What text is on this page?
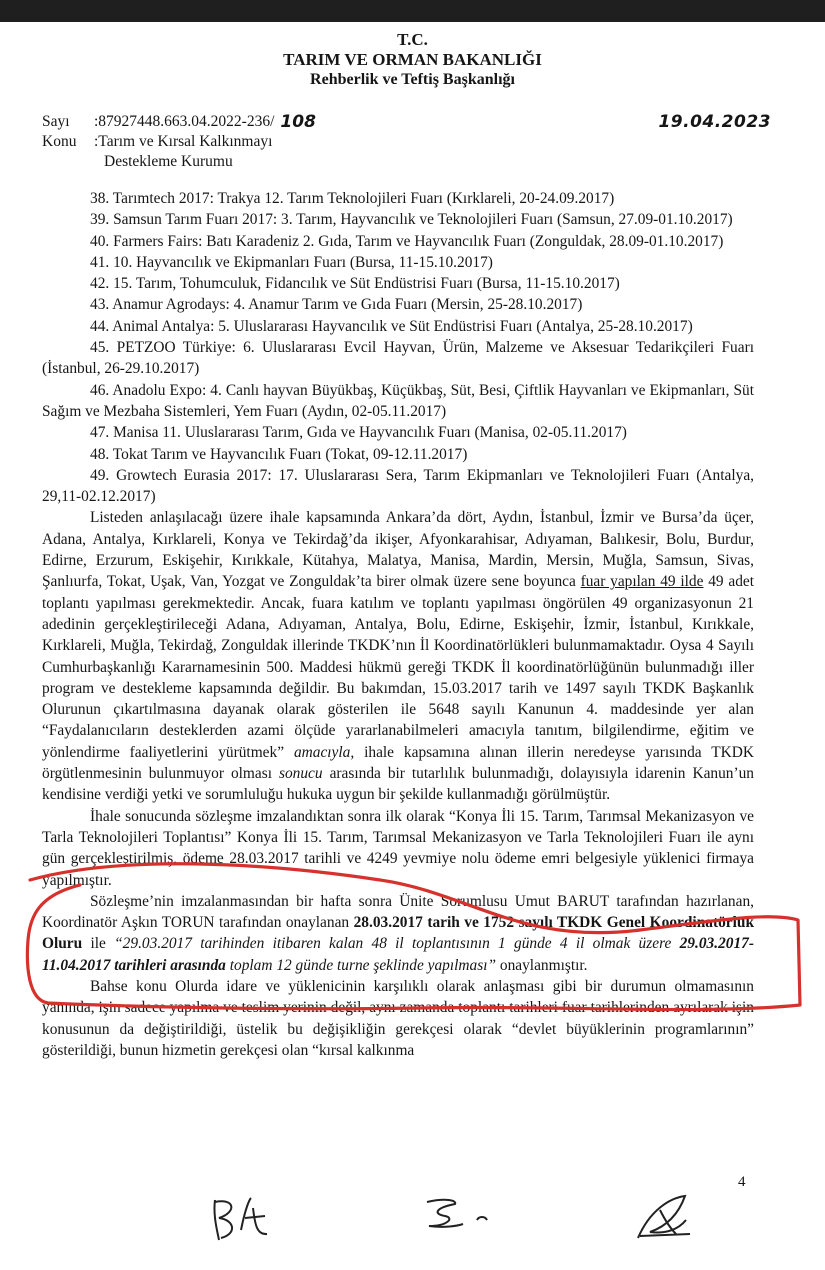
T.C.
TARIM VE ORMAN BAKANLIĞI
Rehberlik ve Teftiş Başkanlığı
Sayı	:87927448.663.04.2022-236/ 108
Konu	:Tarım ve Kırsal Kalkınmayı
Destekleme Kurumu
19.04.2023

38. Tarımtech 2017: Trakya 12. Tarım Teknolojileri Fuarı (Kırklareli, 20-24.09.2017)

39. Samsun Tarım Fuarı 2017: 3. Tarım, Hayvancılık ve Teknolojileri Fuarı (Samsun, 27.09-01.10.2017)

40. Farmers Fairs: Batı Karadeniz 2. Gıda, Tarım ve Hayvancılık Fuarı (Zonguldak, 28.09-01.10.2017)

41. 10. Hayvancılık ve Ekipmanları Fuarı (Bursa, 11-15.10.2017)

42. 15. Tarım, Tohumculuk, Fidancılık ve Süt Endüstrisi Fuarı (Bursa, 11-15.10.2017)

43. Anamur Agrodays: 4. Anamur Tarım ve Gıda Fuarı (Mersin, 25-28.10.2017)

44. Animal Antalya: 5. Uluslararası Hayvancılık ve Süt Endüstrisi Fuarı (Antalya, 25-28.10.2017)

45. PETZOO Türkiye: 6. Uluslararası Evcil Hayvan, Ürün, Malzeme ve Aksesuar Tedarikçileri Fuarı (İstanbul, 26-29.10.2017)

46. Anadolu Expo: 4. Canlı hayvan Büyükbaş, Küçükbaş, Süt, Besi, Çiftlik Hayvanları ve Ekipmanları, Süt Sağım ve Mezbaha Sistemleri, Yem Fuarı (Aydın, 02-05.11.2017)

47. Manisa 11. Uluslararası Tarım, Gıda ve Hayvancılık Fuarı (Manisa, 02-05.11.2017)

48. Tokat Tarım ve Hayvancılık Fuarı (Tokat, 09-12.11.2017)

49. Growtech Eurasia 2017: 17. Uluslararası Sera, Tarım Ekipmanları ve Teknolojileri Fuarı (Antalya, 29,11-02.12.2017)

Listeden anlaşılacağı üzere ihale kapsamında Ankara’da dört, Aydın, İstanbul, İzmir ve Bursa’da üçer, Adana, Antalya, Kırklareli, Konya ve Tekirdağ’da ikişer, Afyonkarahisar, Adıyaman, Balıkesir, Bolu, Burdur, Edirne, Erzurum, Eskişehir, Kırıkkale, Kütahya, Malatya, Manisa, Mardin, Mersin, Muğla, Samsun, Sivas, Şanlıurfa, Tokat, Uşak, Van, Yozgat ve Zonguldak’ta birer olmak üzere sene boyunca fuar yapılan 49 ilde 49 adet toplantı yapılması gerekmektedir. Ancak, fuara katılım ve toplantı yapılması öngörülen 49 organizasyonun 21 adedinin gerçekleştirileceği Adana, Adıyaman, Antalya, Bolu, Edirne, Eskişehir, İzmir, İstanbul, Kırıkkale, Kırklareli, Muğla, Tekirdağ, Zonguldak illerinde TKDK’nın İl Koordinatörlükleri bulunmamaktadır. Oysa 4 Sayılı Cumhurbaşkanlığı Kararnamesinin 500. Maddesi hükmü gereği TKDK İl koordinatörlüğünün bulunmadığı iller program ve destekleme kapsamında değildir. Bu bakımdan, 15.03.2017 tarih ve 1497 sayılı TKDK Başkanlık Olurunun çıkartılmasına dayanak olarak gösterilen ile 5648 sayılı Kanunun 4. maddesinde yer alan “Faydalanıcıların desteklerden azami ölçüde yararlanabilmeleri amacıyla tanıtım, bilgilendirme, eğitim ve yönlendirme faaliyetlerini yürütmek” amacıyla, ihale kapsamına alınan illerin neredeyse yarısında TKDK örgütlenmesinin bulunmuyor olması sonucu arasında bir tutarlılık bulunmadığı, dolayısıyla idarenin Kanun’un kendisine verdiği yetki ve sorumluluğu hukuka uygun bir şekilde kullanmadığı görülmüştür.

İhale sonucunda sözleşme imzalandıktan sonra ilk olarak “Konya İli 15. Tarım, Tarımsal Mekanizasyon ve Tarla Teknolojileri Toplantısı” Konya İli 15. Tarım, Tarımsal Mekanizasyon ve Tarla Teknolojileri Fuarı ile aynı gün gerçekleştirilmiş, ödeme 28.03.2017 tarihli ve 4249 yevmiye nolu ödeme emri belgesiyle yüklenici firmaya yapılmıştır.

Sözleşme’nin imzalanmasından bir hafta sonra Ünite Sorumlusu Umut BARUT tarafından hazırlanan, Koordinatör Aşkın TORUN tarafından onaylanan 28.03.2017 tarih ve 1752 sayılı TKDK Genel Koordinatörlük Oluru ile “29.03.2017 tarihinden itibaren kalan 48 il toplantısının 1 günde 4 il olmak üzere 29.03.2017-11.04.2017 tarihleri arasında toplam 12 günde turne şeklinde yapılması” onaylanmıştır.

Bahse konu Olurda idare ve yüklenicinin karşılıklı olarak anlaşması gibi bir durumun olmamasının yanında, işin sadece yapılma ve teslim yerinin değil, aynı zamanda toplantı tarihleri fuar tarihlerinden ayrılarak işin konusunun da değiştirildiği, üstelik bu değişikliğin gerekçesi olarak “devlet büyüklerinin programlarının” gösterildiği, bunun hizmetin gerekçesi olan “kırsal kalkınma

4
